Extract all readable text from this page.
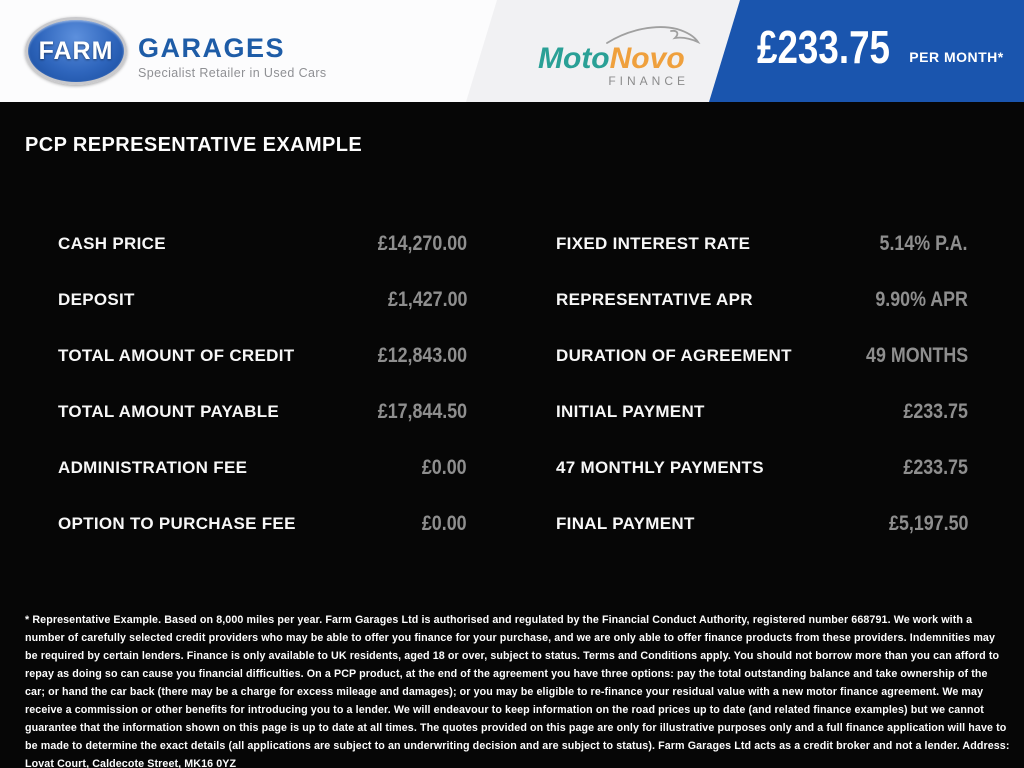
FARM GARAGES
Specialist Retailer in Used Cars	MotoNovo
FINANCE
£233.75 PER MONTH*
PCP REPRESENTATIVE EXAMPLE
CASH PRICE	£14,270.00
DEPOSIT	£1,427.00
TOTAL AMOUNT OF CREDIT	£12,843.00
TOTAL AMOUNT PAYABLE	£17,844.50
ADMINISTRATION FEE	£0.00
OPTION TO PURCHASE FEE	£0.00
FIXED INTEREST RATE	5.14% P.A.
REPRESENTATIVE APR	9.90% APR
DURATION OF AGREEMENT	49 MONTHS
INITIAL PAYMENT	£233.75
47 MONTHLY PAYMENTS	£233.75
FINAL PAYMENT	£5,197.50
* Representative Example. Based on 8,000 miles per year. Farm Garages Ltd is authorised and regulated by the Financial Conduct Authority, registered number 668791. We work with a number of carefully selected credit providers who may be able to offer you finance for your purchase, and we are only able to offer finance products from these providers. Indemnities may be required by certain lenders. Finance is only available to UK residents, aged 18 or over, subject to status. Terms and Conditions apply. You should not borrow more than you can afford to repay as doing so can cause you financial difficulties. On a PCP product, at the end of the agreement you have three options: pay the total outstanding balance and take ownership of the car; or hand the car back (there may be a charge for excess mileage and damages); or you may be eligible to re-finance your residual value with a new motor finance agreement. We may receive a commission or other benefits for introducing you to a lender. We will endeavour to keep information on the road prices up to date (and related finance examples) but we cannot guarantee that the information shown on this page is up to date at all times. The quotes provided on this page are only for illustrative purposes only and a full finance application will have to be made to determine the exact details (all applications are subject to an underwriting decision and are subject to status). Farm Garages Ltd acts as a credit broker and not a lender. Address: Lovat Court, Caldecote Street, MK16 0YZ
